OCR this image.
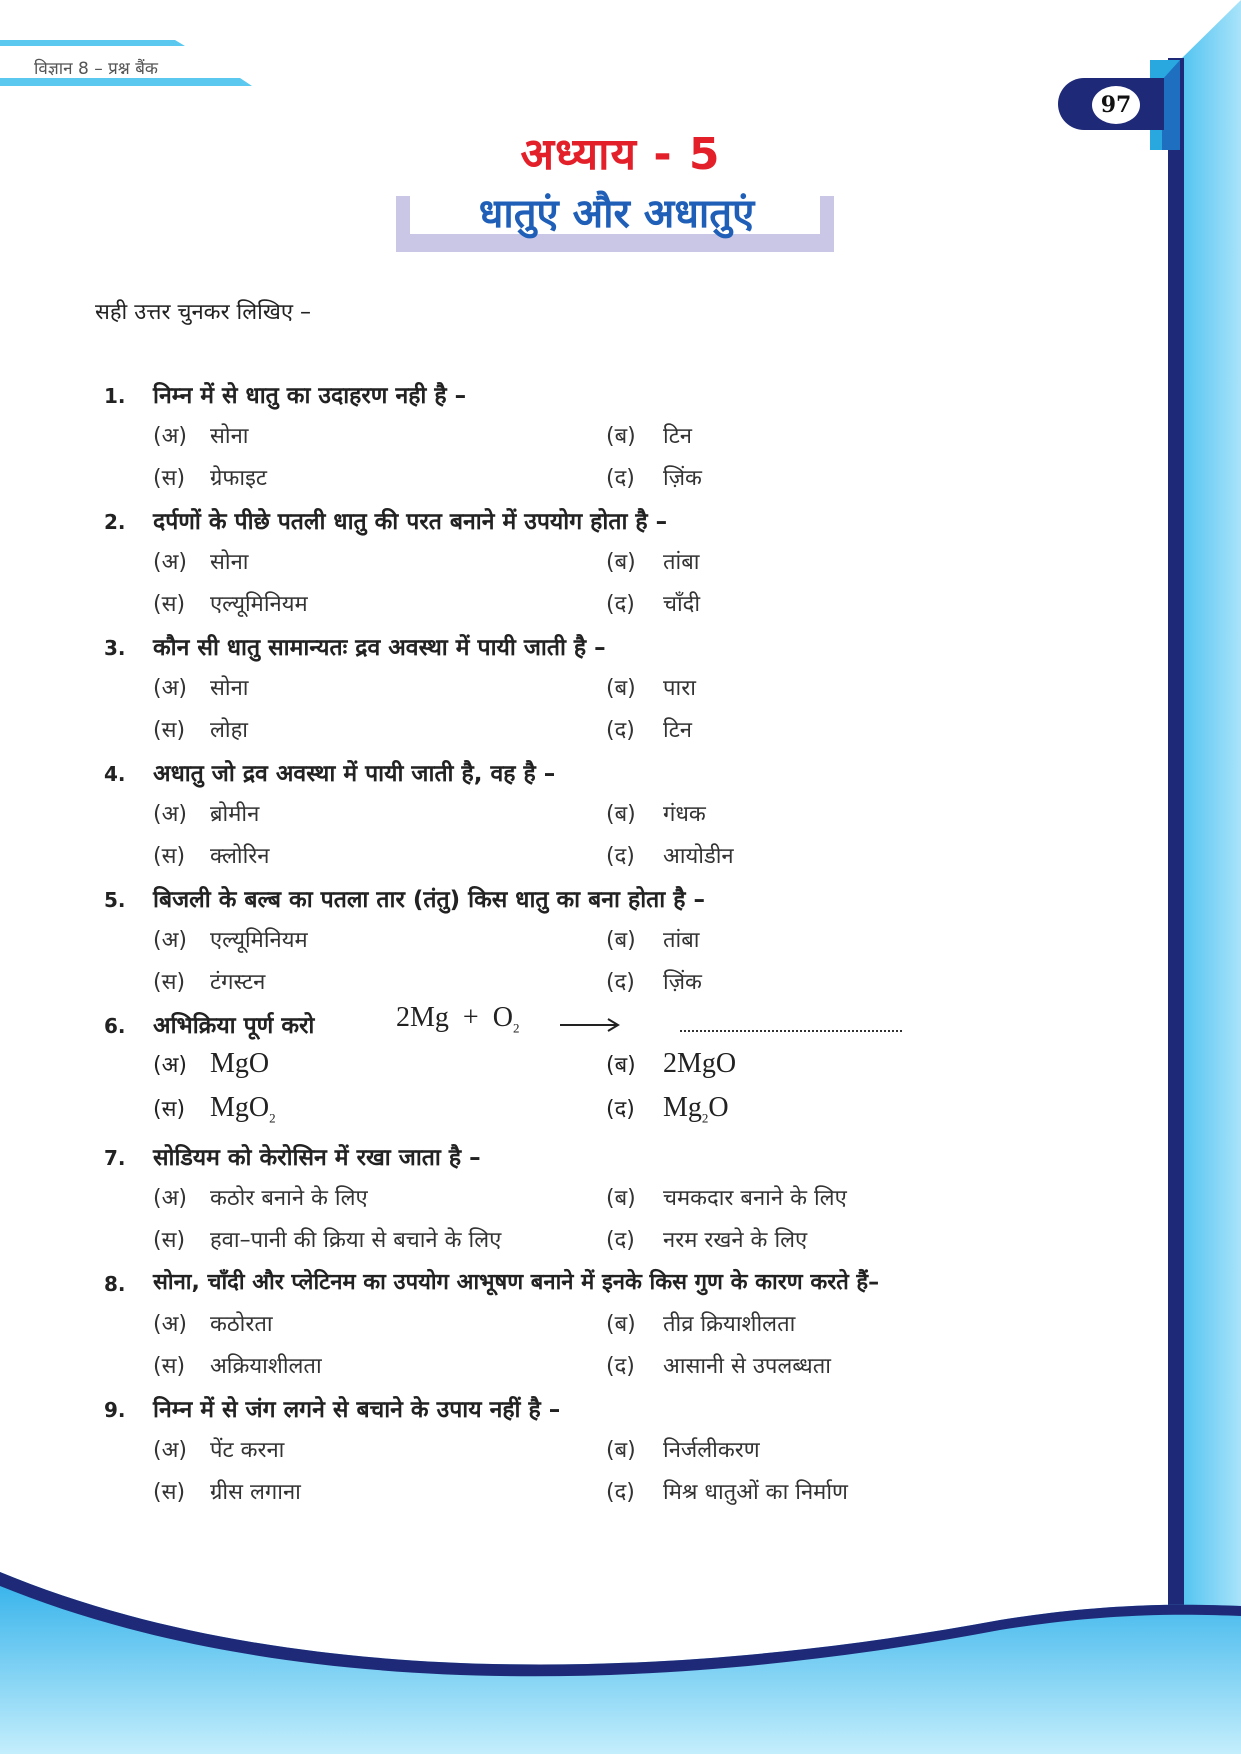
विज्ञान 8 – प्रश्न बैंक
97
अध्याय - 5
धातुएं और अधातुएं
सही उत्तर चुनकर लिखिए –
1. निम्न में से धातु का उदाहरण नही है –
(अ) सोना	(ब) टिन
(स) ग्रेफाइट	(द) ज़िंक
2. दर्पणों के पीछे पतली धातु की परत बनाने में उपयोग होता है –
(अ) सोना	(ब) तांबा
(स) एल्यूमिनियम	(द) चाँदी
3. कौन सी धातु सामान्यतः द्रव अवस्था में पायी जाती है –
(अ) सोना	(ब) पारा
(स) लोहा	(द) टिन
4. अधातु जो द्रव अवस्था में पायी जाती है, वह है –
(अ) ब्रोमीन	(ब) गंधक
(स) क्लोरिन	(द) आयोडीन
5. बिजली के बल्ब का पतला तार (तंतु) किस धातु का बना होता है –
(अ) एल्यूमिनियम	(ब) तांबा
(स) टंगस्टन	(द) ज़िंक
6. अभिक्रिया पूर्ण करो	$2Mg + O_2$
(अ) MgO	(ब) 2MgO
(स) MgO$_2$	(द) $Mg_2O$
7. सोडियम को केरोसिन में रखा जाता है –
(अ) कठोर बनाने के लिए	(ब) चमकदार बनाने के लिए
(स) हवा–पानी की क्रिया से बचाने के लिए	(द) नरम रखने के लिए
8. सोना, चाँदी और प्लेटिनम का उपयोग आभूषण बनाने में इनके किस गुण के कारण करते हैं–
(अ) कठोरता	(ब) तीव्र क्रियाशीलता
(स) अक्रियाशीलता	(द) आसानी से उपलब्धता
9. निम्न में से जंग लगने से बचाने के उपाय नहीं है –
(अ) पेंट करना	(ब) निर्जलीकरण
(स) ग्रीस लगाना	(द) मिश्र धातुओं का निर्माण
